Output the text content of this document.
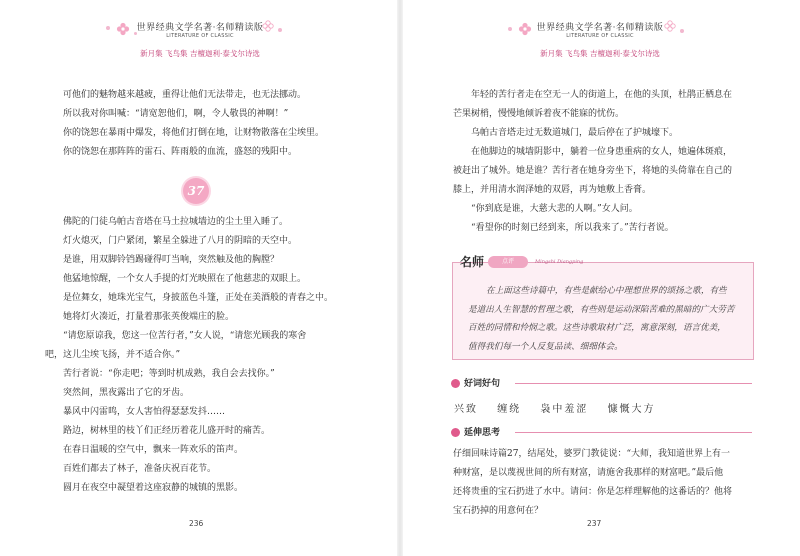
世界经典文学名著·名师精读版
LITERATURE OF CLASSIC
新月集 飞鸟集 吉檀迦利·泰戈尔诗选
可他们的魅物越来越疲，重得让他们无法带走，也无法挪动。
所以我对你叫喊：“请宽恕他们，啊，令人敬畏的神啊！”
你的饶恕在暴雨中爆发，将他们打倒在地，让财物散落在尘埃里。
你的饶恕在那阵阵的雷石、阵雨般的血流，盛怒的残阳中。
37
佛陀的门徒乌帕古音塔在马土拉城墙边的尘土里入睡了。
灯火熄灭，门户紧闭，繁星全躲进了八月的阴暗的天空中。
是谁，用双脚铃铛踢碰得叮当响，突然触及他的胸膛？
他猛地惊醒，一个女人手提的灯光映照在了他慈悲的双眼上。
是位舞女，她珠光宝气，身披蓝色斗篷，正处在美酒般的青春之中。
她将灯火凑近，打量着那张英俊端庄的脸。
“请您原谅我，您这一位苦行者，”女人说，“请您光顾我的寒舍
吧，这儿尘埃飞扬，并不适合你。”
苦行者说：“你走吧；等到时机成熟，我自会去找你。”
突然间，黑夜露出了它的牙齿。
暴风中闪雷鸣，女人害怕得瑟瑟发抖……
路边，树林里的枝丫们正经历着花儿盛开时的痛苦。
在春日温暖的空气中，飘来一阵欢乐的笛声。
百姓们都去了林子，准备庆祝百花节。
圆月在夜空中凝望着这座寂静的城镇的黑影。
236
世界经典文学名著·名师精读版
LITERATURE OF CLASSIC
新月集 飞鸟集 吉檀迦利·泰戈尔诗选
年轻的苦行者走在空无一人的街道上，在他的头顶，杜鹃正栖息在
芒果树梢，慢慢地倾诉着夜不能寐的忧伤。
乌帕古音塔走过无数道城门，最后停在了护城壕下。
在他脚边的城墙阴影中，躺着一位身患重病的女人，她遍体斑痕，
被赶出了城外。她是谁？苦行者在她身旁坐下，将她的头倚靠在自己的
膝上，并用清水润泽她的双唇，再为她敷上香膏。
“你到底是谁，大慈大悲的人啊。”女人问。
“看望你的时刻已经到来，所以我来了。”苦行者说。
237
名师	点评	Mingshi Diangping
在上面这些诗篇中，有些是献给心中理想世界的颂扬之歌，有些
是道出人生智慧的哲理之歌，有些则是运动深陷苦难的黑暗的广大劳苦
百姓的同情和怜悯之歌。这些诗歌取材广泛，寓意深刻，语言优美，
值得我们每一个人反复品读、细细体会。
好词好句
兴致 缠绕 袅中羞涩 慷慨大方
延伸思考
仔细回味诗篇27，结尾处，婆罗门教徒说：“大师，我知道世界上有一
种财富，是以蔑视世间的所有财富，请施舍我那样的财富吧。”最后他
还将贵重的宝石扔进了水中。请问：你是怎样理解他的这番话的？他将
宝石扔掉的用意何在？
